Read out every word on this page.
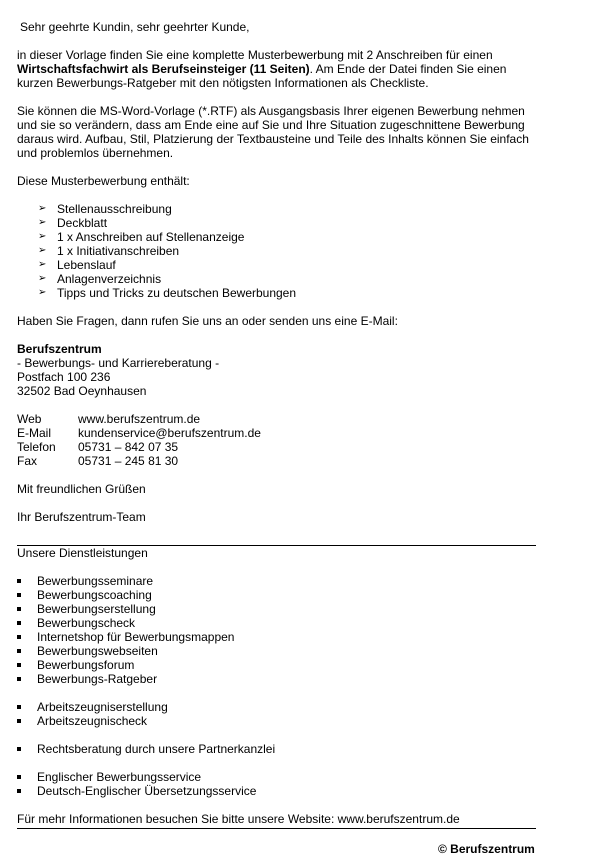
Sehr geehrte Kundin, sehr geehrter Kunde,

in dieser Vorlage finden Sie eine komplette Musterbewerbung mit 2 Anschreiben für einen Wirtschaftsfachwirt als Berufseinsteiger (11 Seiten). Am Ende der Datei finden Sie einen kurzen Bewerbungs-Ratgeber mit den nötigsten Informationen als Checkliste.

Sie können die MS-Word-Vorlage (*.RTF) als Ausgangsbasis Ihrer eigenen Bewerbung nehmen und sie so verändern, dass am Ende eine auf Sie und Ihre Situation zugeschnittene Bewerbung daraus wird. Aufbau, Stil, Platzierung der Textbausteine und Teile des Inhalts können Sie einfach und problemlos übernehmen.

Diese Musterbewerbung enthält:

➢ Stellenausschreibung
➢ Deckblatt
➢ 1 x Anschreiben auf Stellenanzeige
➢ 1 x Initiativanschreiben
➢ Lebenslauf
➢ Anlagenverzeichnis
➢ Tipps und Tricks zu deutschen Bewerbungen

Haben Sie Fragen, dann rufen Sie uns an oder senden uns eine E-Mail:

Berufszentrum

- Bewerbungs- und Karriereberatung -

Postfach 100 236

32502 Bad Oeynhausen

Web	www.berufszentrum.de
E-Mail	kundenservice@berufszentrum.de
Telefon	05731 – 842 07 35
Fax	05731 – 245 81 30

Mit freundlichen Grüßen

Ihr Berufszentrum-Team

Unsere Dienstleistungen

Bewerbungsseminare
Bewerbungscoaching
Bewerbungserstellung
Bewerbungscheck
Internetshop für Bewerbungsmappen
Bewerbungswebseiten
Bewerbungsforum
Bewerbungs-Ratgeber
Arbeitszeugniserstellung
Arbeitszeugnischeck
Rechtsberatung durch unsere Partnerkanzlei
Englischer Bewerbungsservice
Deutsch-Englischer Übersetzungsservice

Für mehr Informationen besuchen Sie bitte unsere Website: www.berufszentrum.de

© Berufszentrum
